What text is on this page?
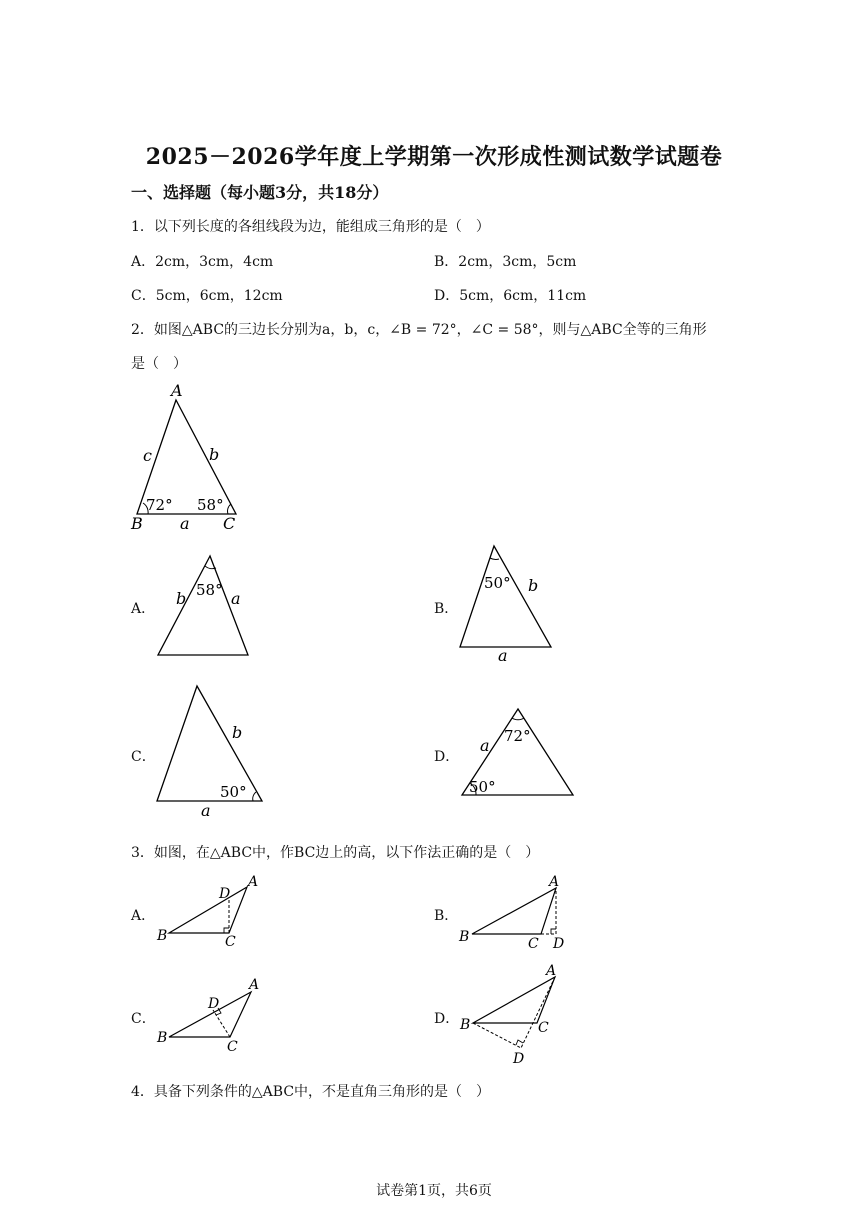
2025－2026学年度上学期第一次形成性测试数学试题卷
一、选择题（每小题3分，共18分）
1．以下列长度的各组线段为边，能组成三角形的是（　）
A．2cm，3cm，4cm	B．2cm，3cm，5cm
C．5cm，6cm，12cm	D．5cm，6cm，11cm
2．如图△ABC的三边长分别为a，b，c，∠B = 72°，∠C = 58°，则与△ABC全等的三角形
是（　）
A
B	C
c	b
a
72° 58°
A．	B．
C．	D．
b	a
58°	50° b
a
b
a
50°
a 72°
50°
3．如图，在△ABC中，作BC边上的高，以下作法正确的是（　）
A．	B．
C．	D．
A
B	C
D
A
B	C D
A
B
C
D
A
B	C
D
4．具备下列条件的△ABC中，不是直角三角形的是（　）
试卷第1页，共6页
